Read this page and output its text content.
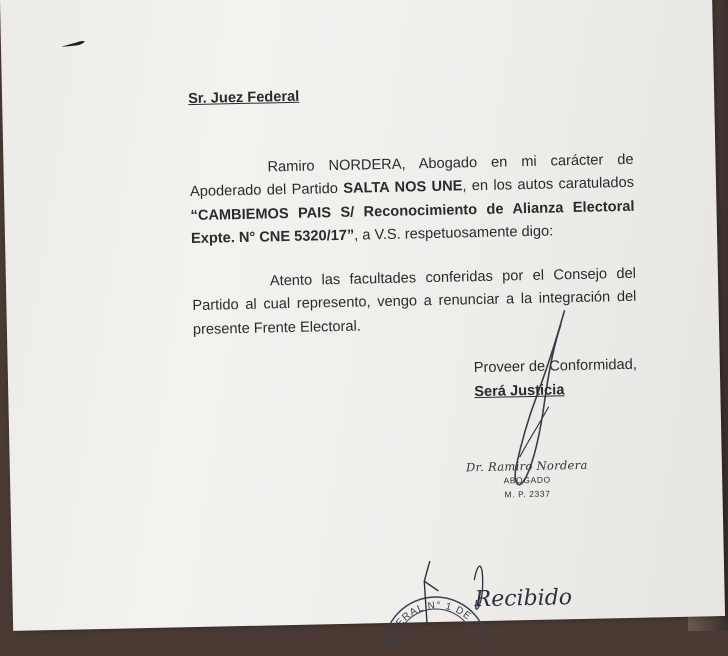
Sr. Juez Federal

Ramiro NORDERA, Abogado en mi carácter de Apoderado del Partido SALTA NOS UNE, en los autos caratulados “CAMBIEMOS PAIS S/ Reconocimiento de Alianza Electoral Expte. N° CNE 5320/17”, a V.S. respetuosamente digo:

Atento las facultades conferidas por el Consejo del Partido al cual represento, vengo a renunciar a la integración del presente Frente Electoral.

Proveer de Conformidad,
Será Justicia
Dr. Ramiro Nordera
ABOGADO
M. P. 2337
FEDERAL N° 1 DE
Recibido
